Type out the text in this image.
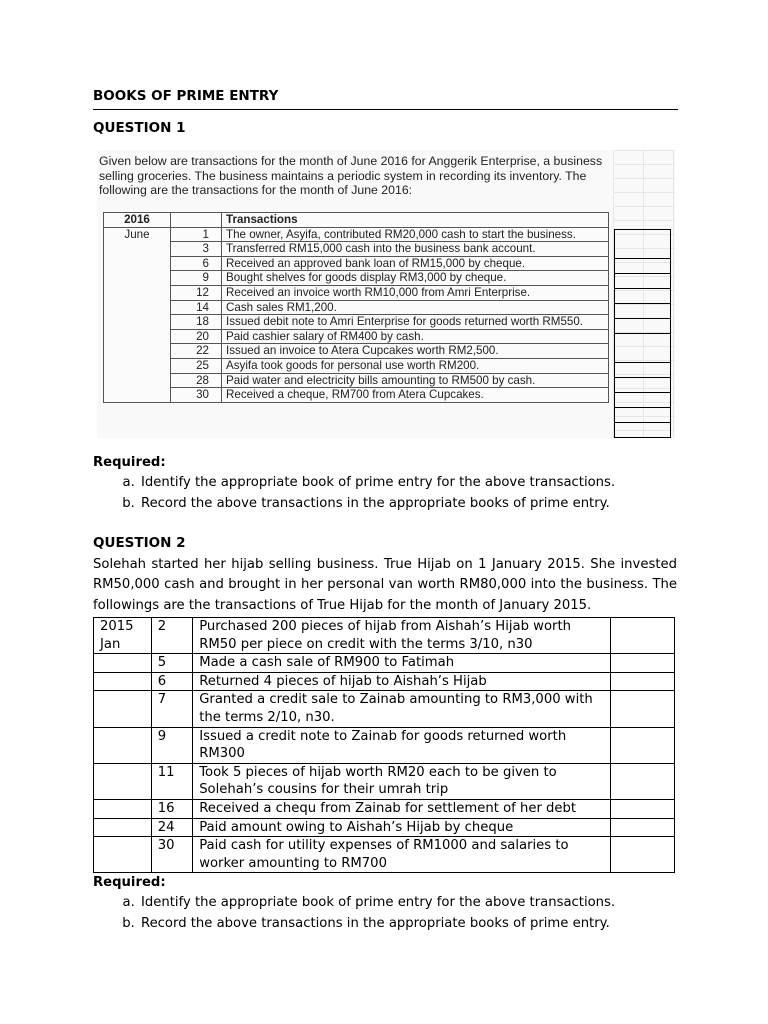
BOOKS OF PRIME ENTRY
QUESTION 1
Required:
a. Identify the appropriate book of prime entry for the above transactions.
b. Record the above transactions in the appropriate books of prime entry.
QUESTION 2
Solehah started her hijab selling business. True Hijab on 1 January 2015. She invested RM50,000 cash and brought in her personal van worth RM80,000 into the business. The followings are the transactions of True Hijab for the month of January 2015.
2015
Jan	2	Purchased 200 pieces of hijab from Aishah’s Hijab worth RM50 per piece on credit with the terms 3/10, n30	
	5	Made a cash sale of RM900 to Fatimah	
	6	Returned 4 pieces of hijab to Aishah’s Hijab	
	7	Granted a credit sale to Zainab amounting to RM3,000 with the terms 2/10, n30.	
	9	Issued a credit note to Zainab for goods returned worth RM300	
	11	Took 5 pieces of hijab worth RM20 each to be given to Solehah’s cousins for their umrah trip	
	16	Received a chequ from Zainab for settlement of her debt	
	24	Paid amount owing to Aishah’s Hijab by cheque	
	30	Paid cash for utility expenses of RM1000 and salaries to worker amounting to RM700	
Required:
a. Identify the appropriate book of prime entry for the above transactions.
b. Record the above transactions in the appropriate books of prime entry.
Given below are transactions for the month of June 2016 for Anggerik Enterprise, a business selling groceries. The business maintains a periodic system in recording its inventory. The following are the transactions for the month of June 2016:
2016		Transactions
June	1	The owner, Asyifa, contributed RM20,000 cash to start the business.
	3	Transferred RM15,000 cash into the business bank account.
	6	Received an approved bank loan of RM15,000 by cheque.
	9	Bought shelves for goods display RM3,000 by cheque.
	12	Received an invoice worth RM10,000 from Amri Enterprise.
	14	Cash sales RM1,200.
	18	Issued debit note to Amri Enterprise for goods returned worth RM550.
	20	Paid cashier salary of RM400 by cash.
	22	Issued an invoice to Atera Cupcakes worth RM2,500.
	25	Asyifa took goods for personal use worth RM200.
	28	Paid water and electricity bills amounting to RM500 by cash.
	30	Received a cheque, RM700 from Atera Cupcakes.
